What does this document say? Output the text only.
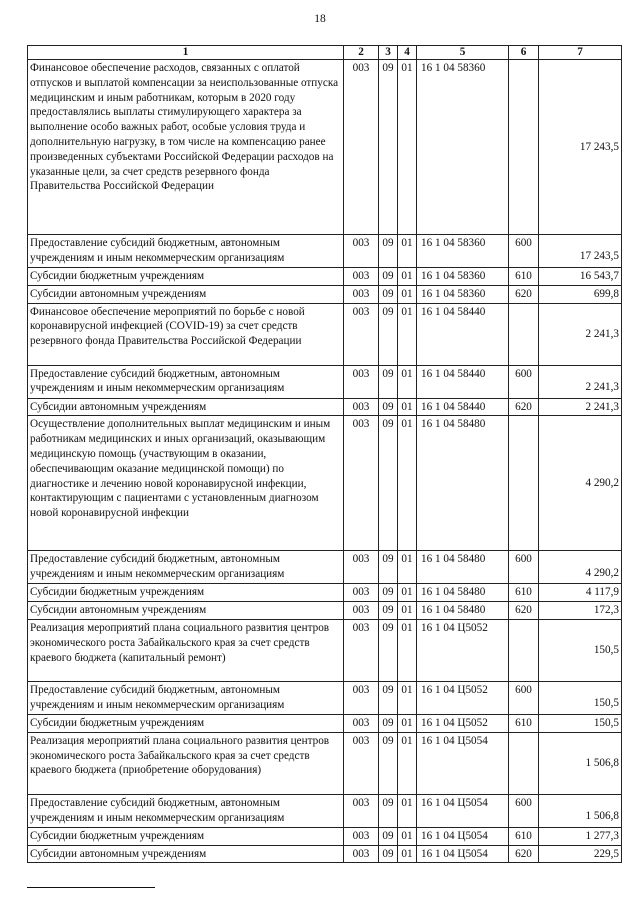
18
1	2	3	4	5	6	7
Финансовое обеспечение расходов, связанных с оплатой отпусков и выплатой компенсации за неиспользованные отпуска медицинским и иным работникам, которым в 2020 году предоставлялись выплаты стимулирующего характера за выполнение особо важных работ, особые условия труда и дополнительную нагрузку, в том числе на компенсацию ранее произведенных субъектами Российской Федерации расходов на указанные цели, за счет средств резервного фонда Правительства Российской Федерации	003	09	01	16 1 04 58360		17 243,5
Предоставление субсидий бюджетным, автономным учреждениям и иным некоммерческим организациям	003	09	01	16 1 04 58360	600	17 243,5
Субсидии бюджетным учреждениям	003	09	01	16 1 04 58360	610	16 543,7
Субсидии автономным учреждениям	003	09	01	16 1 04 58360	620	699,8
Финансовое обеспечение мероприятий по борьбе с новой коронавирусной инфекцией (COVID-19) за счет средств резервного фонда Правительства Российской Федерации	003	09	01	16 1 04 58440		2 241,3
Предоставление субсидий бюджетным, автономным учреждениям и иным некоммерческим организациям	003	09	01	16 1 04 58440	600	2 241,3
Субсидии автономным учреждениям	003	09	01	16 1 04 58440	620	2 241,3
Осуществление дополнительных выплат медицинским и иным работникам медицинских и иных организаций, оказывающим медицинскую помощь (участвующим в оказании, обеспечивающим оказание медицинской помощи) по диагностике и лечению новой коронавирусной инфекции, контактирующим с пациентами с установленным диагнозом новой коронавирусной инфекции	003	09	01	16 1 04 58480		4 290,2
Предоставление субсидий бюджетным, автономным учреждениям и иным некоммерческим организациям	003	09	01	16 1 04 58480	600	4 290,2
Субсидии бюджетным учреждениям	003	09	01	16 1 04 58480	610	4 117,9
Субсидии автономным учреждениям	003	09	01	16 1 04 58480	620	172,3
Реализация мероприятий плана социального развития центров экономического роста Забайкальского края за счет средств краевого бюджета (капитальный ремонт)	003	09	01	16 1 04 Ц5052		150,5
Предоставление субсидий бюджетным, автономным учреждениям и иным некоммерческим организациям	003	09	01	16 1 04 Ц5052	600	150,5
Субсидии бюджетным учреждениям	003	09	01	16 1 04 Ц5052	610	150,5
Реализация мероприятий плана социального развития центров экономического роста Забайкальского края за счет средств краевого бюджета (приобретение оборудования)	003	09	01	16 1 04 Ц5054		1 506,8
Предоставление субсидий бюджетным, автономным учреждениям и иным некоммерческим организациям	003	09	01	16 1 04 Ц5054	600	1 506,8
Субсидии бюджетным учреждениям	003	09	01	16 1 04 Ц5054	610	1 277,3
Субсидии автономным учреждениям	003	09	01	16 1 04 Ц5054	620	229,5
